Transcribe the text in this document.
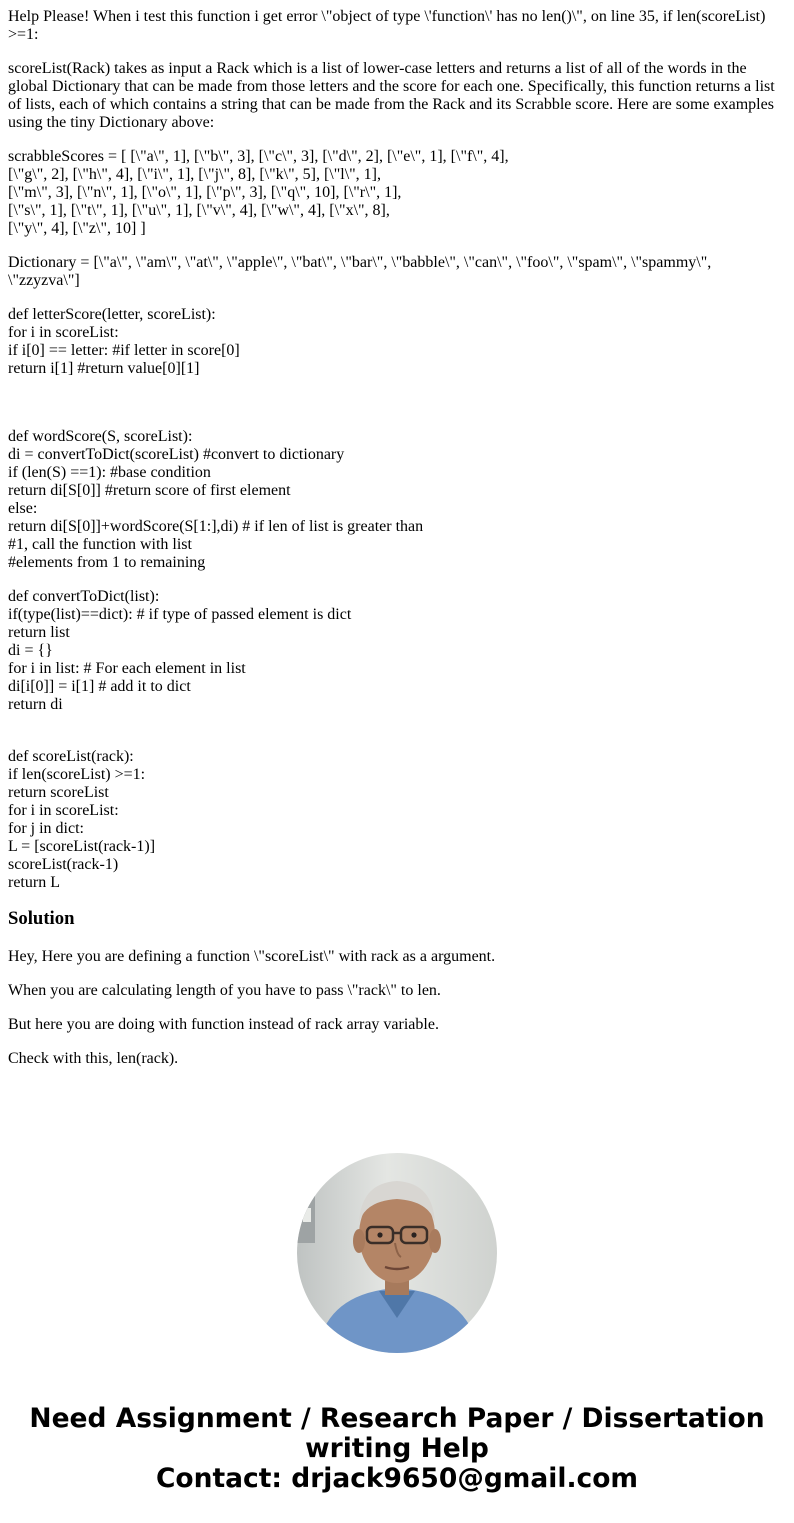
Help Please! When i test this function i get error \"object of type \'function\' has no len()\", on line 35, if len(scoreList) >=1:

scoreList(Rack) takes as input a Rack which is a list of lower-case letters and returns a list of all of the words in the global Dictionary that can be made from those letters and the score for each one. Specifically, this function returns a list of lists, each of which contains a string that can be made from the Rack and its Scrabble score. Here are some examples using the tiny Dictionary above:

scrabbleScores = [ [\"a\", 1], [\"b\", 3], [\"c\", 3], [\"d\", 2], [\"e\", 1], [\"f\", 4],
[\"g\", 2], [\"h\", 4], [\"i\", 1], [\"j\", 8], [\"k\", 5], [\"l\", 1],
[\"m\", 3], [\"n\", 1], [\"o\", 1], [\"p\", 3], [\"q\", 10], [\"r\", 1],
[\"s\", 1], [\"t\", 1], [\"u\", 1], [\"v\", 4], [\"w\", 4], [\"x\", 8],
[\"y\", 4], [\"z\", 10] ]

Dictionary = [\"a\", \"am\", \"at\", \"apple\", \"bat\", \"bar\", \"babble\", \"can\", \"foo\", \"spam\", \"spammy\", \"zzyzva\"]

def letterScore(letter, scoreList):
for i in scoreList:
if i[0] == letter: #if letter in score[0]
return i[1] #return value[0][1]

def wordScore(S, scoreList):
di = convertToDict(scoreList) #convert to dictionary
if (len(S) ==1): #base condition
return di[S[0]] #return score of first element
else:
return di[S[0]]+wordScore(S[1:],di) # if len of list is greater than
#1, call the function with list
#elements from 1 to remaining

def convertToDict(list):
if(type(list)==dict): # if type of passed element is dict
return list
di = {}
for i in list: # For each element in list
di[i[0]] = i[1] # add it to dict
return di

def scoreList(rack):
if len(scoreList) >=1:
return scoreList
for i in scoreList:
for j in dict:
L = [scoreList(rack-1)]
scoreList(rack-1)
return L

Solution

Hey, Here you are defining a function \"scoreList\" with rack as a argument.

When you are calculating length of you have to pass \"rack\" to len.

But here you are doing with function instead of rack array variable.

Check with this, len(rack).

Need Assignment / Research Paper / Dissertation
writing Help
Contact: drjack9650@gmail.com
